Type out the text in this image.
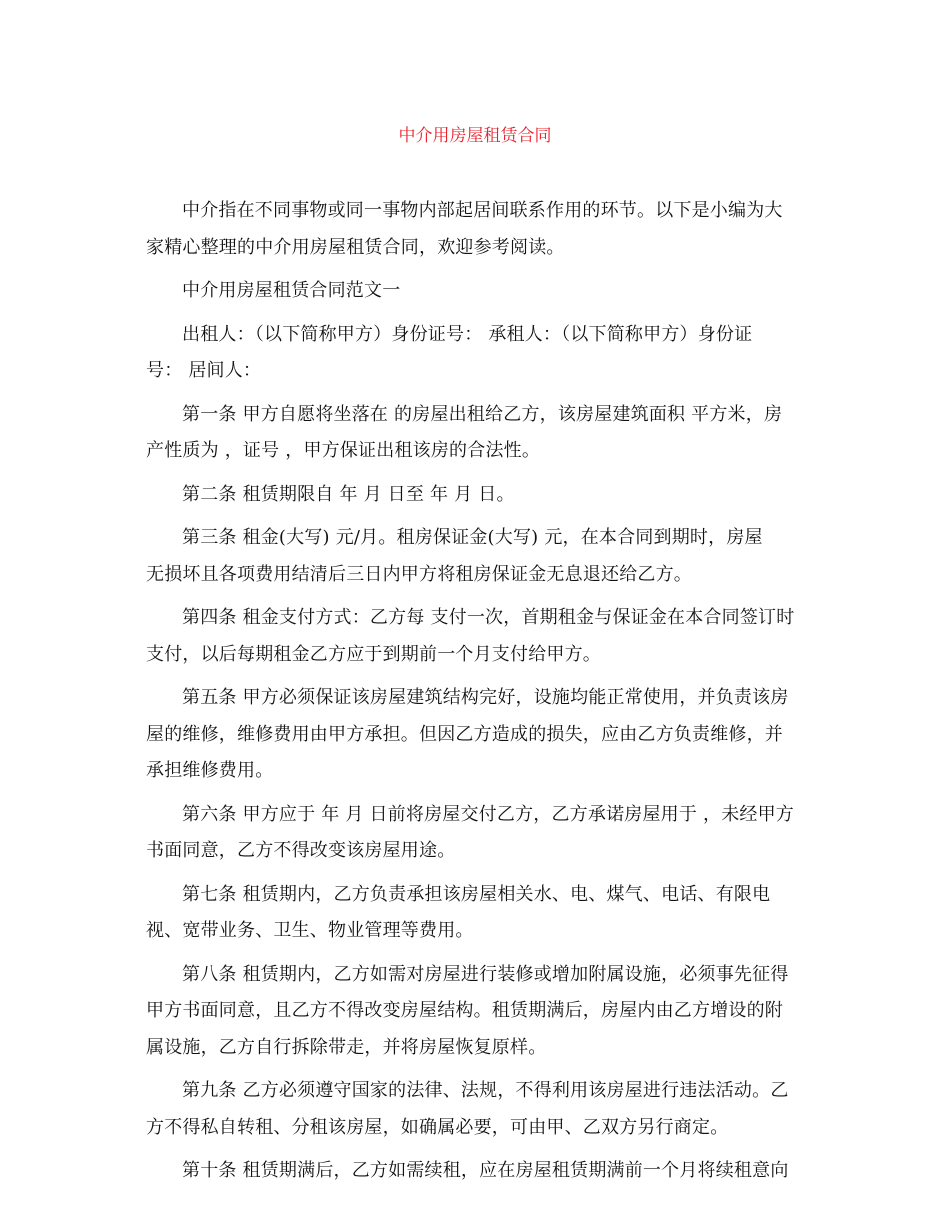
中介用房屋租赁合同

中介指在不同事物或同一事物内部起居间联系作用的环节。以下是小编为大
家精心整理的中介用房屋租赁合同，欢迎参考阅读。

中介用房屋租赁合同范文一

出租人：（以下简称甲方）身份证号： 承租人：（以下简称甲方）身份证
号： 居间人：

第一条 甲方自愿将坐落在 的房屋出租给乙方，该房屋建筑面积 平方米，房
产性质为 ，证号 ，甲方保证出租该房的合法性。

第二条 租赁期限自 年 月 日至 年 月 日。

第三条 租金(大写) 元/月。租房保证金(大写) 元，在本合同到期时，房屋
无损坏且各项费用结清后三日内甲方将租房保证金无息退还给乙方。

第四条 租金支付方式：乙方每 支付一次，首期租金与保证金在本合同签订时
支付，以后每期租金乙方应于到期前一个月支付给甲方。

第五条 甲方必须保证该房屋建筑结构完好，设施均能正常使用，并负责该房
屋的维修，维修费用由甲方承担。但因乙方造成的损失，应由乙方负责维修，并
承担维修费用。

第六条 甲方应于 年 月 日前将房屋交付乙方，乙方承诺房屋用于 ，未经甲方
书面同意，乙方不得改变该房屋用途。

第七条 租赁期内，乙方负责承担该房屋相关水、电、煤气、电话、有限电
视、宽带业务、卫生、物业管理等费用。

第八条 租赁期内，乙方如需对房屋进行装修或增加附属设施，必须事先征得
甲方书面同意，且乙方不得改变房屋结构。租赁期满后，房屋内由乙方增设的附
属设施，乙方自行拆除带走，并将房屋恢复原样。

第九条 乙方必须遵守国家的法律、法规，不得利用该房屋进行违法活动。乙
方不得私自转租、分租该房屋，如确属必要，可由甲、乙双方另行商定。

第十条 租赁期满后，乙方如需续租，应在房屋租赁期满前一个月将续租意向
